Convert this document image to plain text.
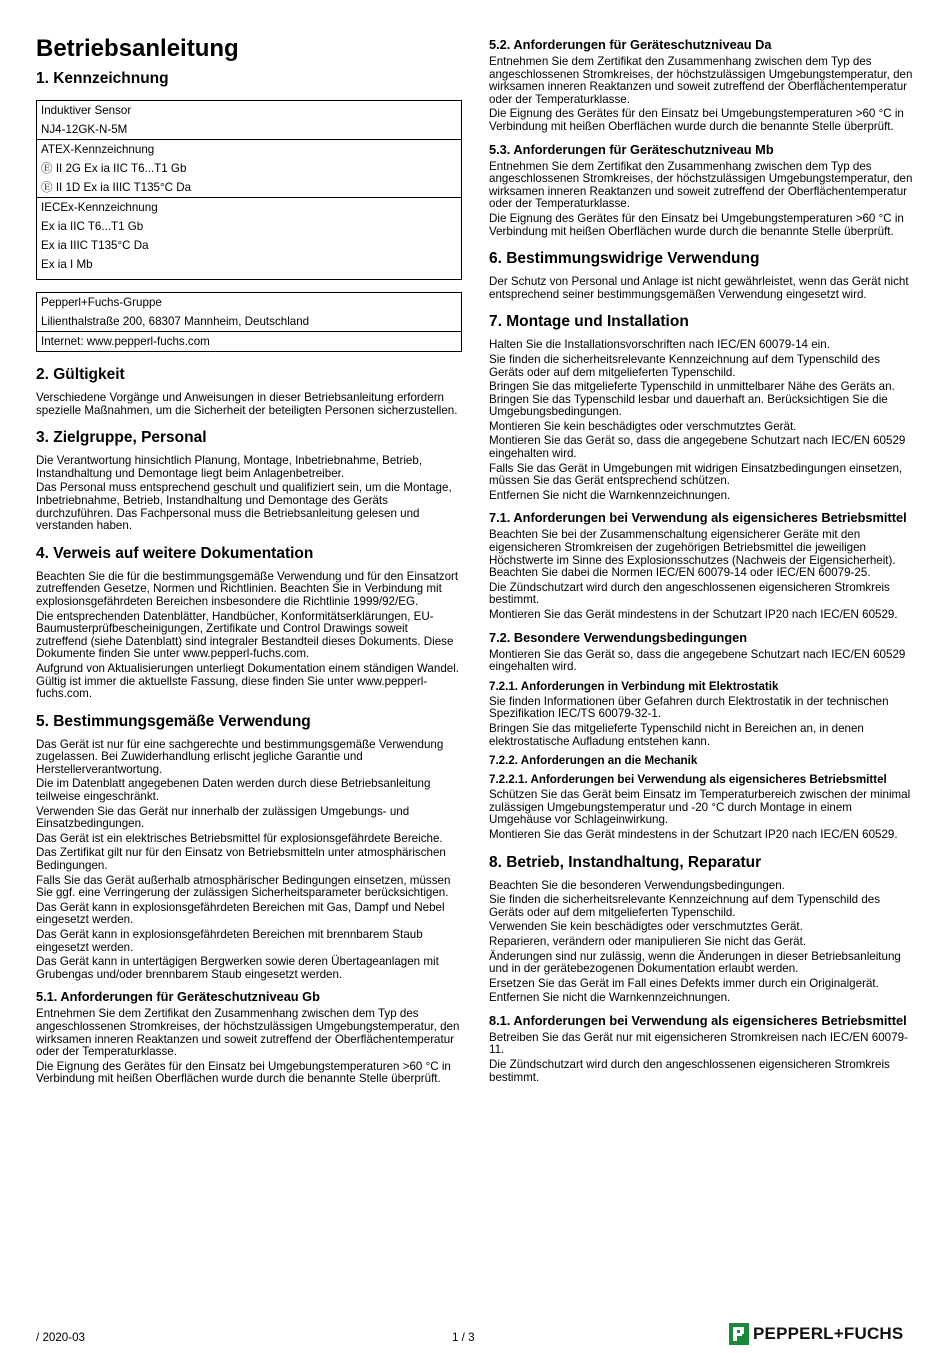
Betriebsanleitung
1. Kennzeichnung
Induktiver Sensor
NJ4-12GK-N-5M
ATEX-Kennzeichnung
Ⓔ II 2G Ex ia IIC T6...T1 Gb
Ⓔ II 1D Ex ia IIIC T135°C Da
IECEx-Kennzeichnung
Ex ia IIC T6...T1 Gb
Ex ia IIIC T135°C Da
Ex ia I Mb
Pepperl+Fuchs-Gruppe
Lilienthalstraße 200, 68307 Mannheim, Deutschland
Internet: www.pepperl-fuchs.com
2. Gültigkeit

Verschiedene Vorgänge und Anweisungen in dieser Betriebsanleitung erfordern spezielle Maßnahmen, um die Sicherheit der beteiligten Personen sicherzustellen.

3. Zielgruppe, Personal

Die Verantwortung hinsichtlich Planung, Montage, Inbetriebnahme, Betrieb, Instandhaltung und Demontage liegt beim Anlagenbetreiber.

Das Personal muss entsprechend geschult und qualifiziert sein, um die Montage, Inbetriebnahme, Betrieb, Instandhaltung und Demontage des Geräts durchzuführen. Das Fachpersonal muss die Betriebsanleitung gelesen und verstanden haben.

4. Verweis auf weitere Dokumentation

Beachten Sie die für die bestimmungsgemäße Verwendung und für den Einsatzort zutreffenden Gesetze, Normen und Richtlinien. Beachten Sie in Verbindung mit explosionsgefährdeten Bereichen insbesondere die Richtlinie 1999/92/EG.

Die entsprechenden Datenblätter, Handbücher, Konformitätserklärungen, EU-Baumusterprüfbescheinigungen, Zertifikate und Control Drawings soweit zutreffend (siehe Datenblatt) sind integraler Bestandteil dieses Dokuments. Diese Dokumente finden Sie unter www.pepperl-fuchs.com.

Aufgrund von Aktualisierungen unterliegt Dokumentation einem ständigen Wandel. Gültig ist immer die aktuellste Fassung, diese finden Sie unter www.pepperl-fuchs.com.

5. Bestimmungsgemäße Verwendung

Das Gerät ist nur für eine sachgerechte und bestimmungsgemäße Verwendung zugelassen. Bei Zuwiderhandlung erlischt jegliche Garantie und Herstellerverantwortung.

Die im Datenblatt angegebenen Daten werden durch diese Betriebsanleitung teilweise eingeschränkt.

Verwenden Sie das Gerät nur innerhalb der zulässigen Umgebungs- und Einsatzbedingungen.

Das Gerät ist ein elektrisches Betriebsmittel für explosionsgefährdete Bereiche.

Das Zertifikat gilt nur für den Einsatz von Betriebsmitteln unter atmosphärischen Bedingungen.

Falls Sie das Gerät außerhalb atmosphärischer Bedingungen einsetzen, müssen Sie ggf. eine Verringerung der zulässigen Sicherheitsparameter berücksichtigen.

Das Gerät kann in explosionsgefährdeten Bereichen mit Gas, Dampf und Nebel eingesetzt werden.

Das Gerät kann in explosionsgefährdeten Bereichen mit brennbarem Staub eingesetzt werden.

Das Gerät kann in untertägigen Bergwerken sowie deren Übertageanlagen mit Grubengas und/oder brennbarem Staub eingesetzt werden.

5.1. Anforderungen für Geräteschutzniveau Gb

Entnehmen Sie dem Zertifikat den Zusammenhang zwischen dem Typ des angeschlossenen Stromkreises, der höchstzulässigen Umgebungstemperatur, den wirksamen inneren Reaktanzen und soweit zutreffend der Oberflächentemperatur oder der Temperaturklasse.

Die Eignung des Gerätes für den Einsatz bei Umgebungstemperaturen >60 °C in Verbindung mit heißen Oberflächen wurde durch die benannte Stelle überprüft.

5.2. Anforderungen für Geräteschutzniveau Da

Entnehmen Sie dem Zertifikat den Zusammenhang zwischen dem Typ des angeschlossenen Stromkreises, der höchstzulässigen Umgebungstemperatur, den wirksamen inneren Reaktanzen und soweit zutreffend der Oberflächentemperatur oder der Temperaturklasse.

Die Eignung des Gerätes für den Einsatz bei Umgebungstemperaturen >60 °C in Verbindung mit heißen Oberflächen wurde durch die benannte Stelle überprüft.

5.3. Anforderungen für Geräteschutzniveau Mb

Entnehmen Sie dem Zertifikat den Zusammenhang zwischen dem Typ des angeschlossenen Stromkreises, der höchstzulässigen Umgebungstemperatur, den wirksamen inneren Reaktanzen und soweit zutreffend der Oberflächentemperatur oder der Temperaturklasse.

Die Eignung des Gerätes für den Einsatz bei Umgebungstemperaturen >60 °C in Verbindung mit heißen Oberflächen wurde durch die benannte Stelle überprüft.

6. Bestimmungswidrige Verwendung

Der Schutz von Personal und Anlage ist nicht gewährleistet, wenn das Gerät nicht entsprechend seiner bestimmungsgemäßen Verwendung eingesetzt wird.

7. Montage und Installation

Halten Sie die Installationsvorschriften nach IEC/EN 60079-14 ein.

Sie finden die sicherheitsrelevante Kennzeichnung auf dem Typenschild des Geräts oder auf dem mitgelieferten Typenschild.

Bringen Sie das mitgelieferte Typenschild in unmittelbarer Nähe des Geräts an. Bringen Sie das Typenschild lesbar und dauerhaft an. Berücksichtigen Sie die Umgebungsbedingungen.

Montieren Sie kein beschädigtes oder verschmutztes Gerät.

Montieren Sie das Gerät so, dass die angegebene Schutzart nach IEC/EN 60529 eingehalten wird.

Falls Sie das Gerät in Umgebungen mit widrigen Einsatzbedingungen einsetzen, müssen Sie das Gerät entsprechend schützen.

Entfernen Sie nicht die Warnkennzeichnungen.

7.1. Anforderungen bei Verwendung als eigensicheres Betriebsmittel

Beachten Sie bei der Zusammenschaltung eigensicherer Geräte mit den eigensicheren Stromkreisen der zugehörigen Betriebsmittel die jeweiligen Höchstwerte im Sinne des Explosionsschutzes (Nachweis der Eigensicherheit). Beachten Sie dabei die Normen IEC/EN 60079-14 oder IEC/EN 60079-25.

Die Zündschutzart wird durch den angeschlossenen eigensicheren Stromkreis bestimmt.

Montieren Sie das Gerät mindestens in der Schutzart IP20 nach IEC/EN 60529.

7.2. Besondere Verwendungsbedingungen

Montieren Sie das Gerät so, dass die angegebene Schutzart nach IEC/EN 60529 eingehalten wird.

7.2.1. Anforderungen in Verbindung mit Elektrostatik

Sie finden Informationen über Gefahren durch Elektrostatik in der technischen Spezifikation IEC/TS 60079-32-1.

Bringen Sie das mitgelieferte Typenschild nicht in Bereichen an, in denen elektrostatische Aufladung entstehen kann.

7.2.2. Anforderungen an die Mechanik
7.2.2.1. Anforderungen bei Verwendung als eigensicheres Betriebsmittel

Schützen Sie das Gerät beim Einsatz im Temperaturbereich zwischen der minimal zulässigen Umgebungstemperatur und -20 °C durch Montage in einem Umgehäuse vor Schlageinwirkung.

Montieren Sie das Gerät mindestens in der Schutzart IP20 nach IEC/EN 60529.

8. Betrieb, Instandhaltung, Reparatur

Beachten Sie die besonderen Verwendungsbedingungen.

Sie finden die sicherheitsrelevante Kennzeichnung auf dem Typenschild des Geräts oder auf dem mitgelieferten Typenschild.

Verwenden Sie kein beschädigtes oder verschmutztes Gerät.

Reparieren, verändern oder manipulieren Sie nicht das Gerät.

Änderungen sind nur zulässig, wenn die Änderungen in dieser Betriebsanleitung und in der gerätebezogenen Dokumentation erlaubt werden.

Ersetzen Sie das Gerät im Fall eines Defekts immer durch ein Originalgerät.

Entfernen Sie nicht die Warnkennzeichnungen.

8.1. Anforderungen bei Verwendung als eigensicheres Betriebsmittel

Betreiben Sie das Gerät nur mit eigensicheren Stromkreisen nach IEC/EN 60079-11.

Die Zündschutzart wird durch den angeschlossenen eigensicheren Stromkreis bestimmt.

/ 2020-03	1 / 3	PEPPERL+FUCHS
